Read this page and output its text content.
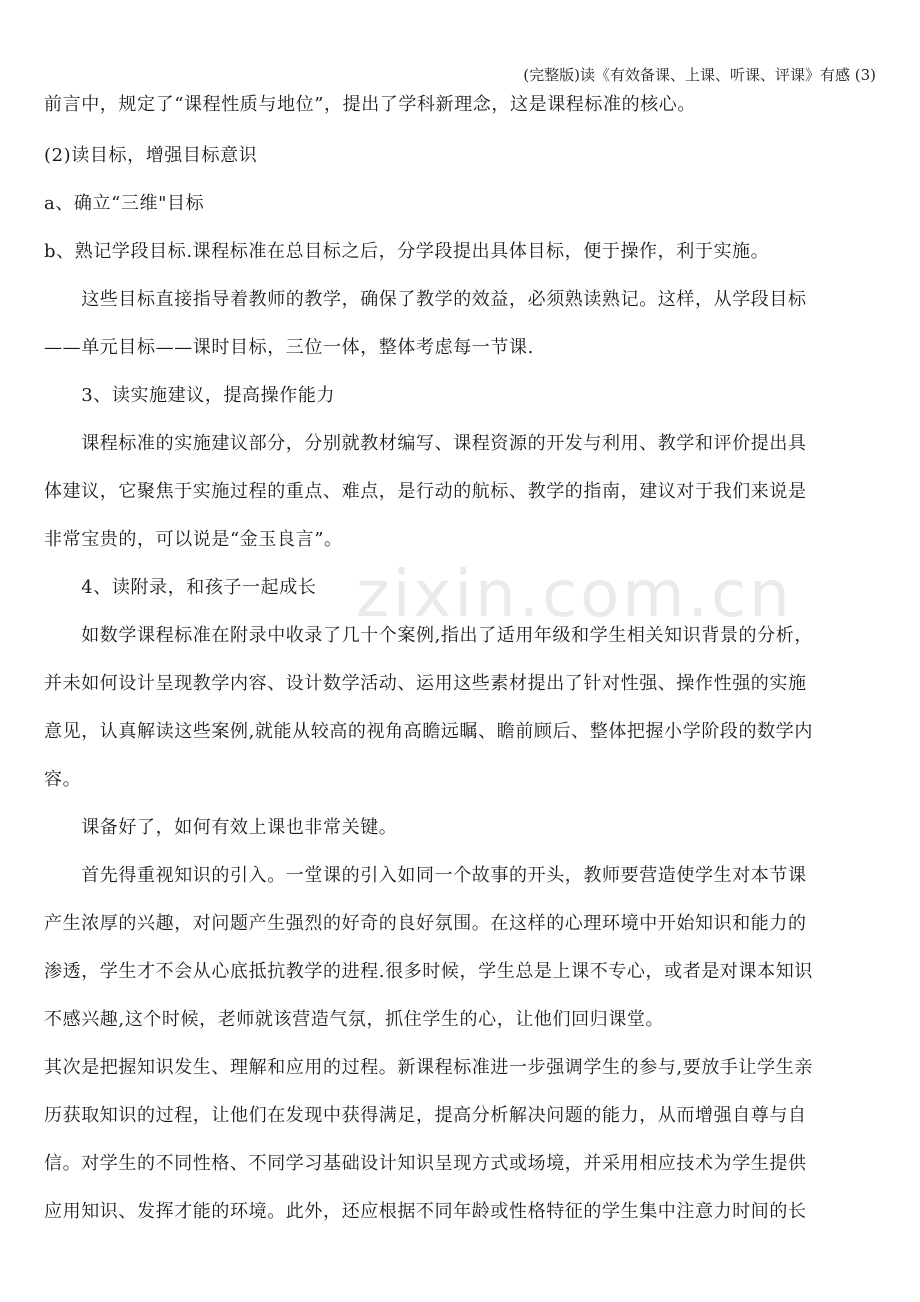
(完整版)读《有效备课、上课、听课、评课》有感 (3)
zixin.com.cn
前言中，规定了“课程性质与地位”，提出了学科新理念，这是课程标准的核心。
(2)读目标，增强目标意识
a、确立“三维"目标
b、熟记学段目标.课程标准在总目标之后，分学段提出具体目标，便于操作，利于实施。
　　这些目标直接指导着教师的教学，确保了教学的效益，必须熟读熟记。这样，从学段目标
——单元目标——课时目标，三位一体，整体考虑每一节课.
　　3、读实施建议，提高操作能力
　　课程标准的实施建议部分，分别就教材编写、课程资源的开发与利用、教学和评价提出具
体建议，它聚焦于实施过程的重点、难点，是行动的航标、教学的指南，建议对于我们来说是
非常宝贵的，可以说是“金玉良言”。
　　4、读附录，和孩子一起成长
　　如数学课程标准在附录中收录了几十个案例,指出了适用年级和学生相关知识背景的分析，
并未如何设计呈现教学内容、设计数学活动、运用这些素材提出了针对性强、操作性强的实施
意见，认真解读这些案例,就能从较高的视角高瞻远瞩、瞻前顾后、整体把握小学阶段的数学内
容。
　　课备好了，如何有效上课也非常关键。
　　首先得重视知识的引入。一堂课的引入如同一个故事的开头，教师要营造使学生对本节课
产生浓厚的兴趣，对问题产生强烈的好奇的良好氛围。在这样的心理环境中开始知识和能力的
渗透，学生才不会从心底抵抗教学的进程.很多时候，学生总是上课不专心，或者是对课本知识
不感兴趣,这个时候，老师就该营造气氛，抓住学生的心，让他们回归课堂。
其次是把握知识发生、理解和应用的过程。新课程标准进一步强调学生的参与,要放手让学生亲
历获取知识的过程，让他们在发现中获得满足，提高分析解决问题的能力，从而增强自尊与自
信。对学生的不同性格、不同学习基础设计知识呈现方式或场境，并采用相应技术为学生提供
应用知识、发挥才能的环境。此外，还应根据不同年龄或性格特征的学生集中注意力时间的长
